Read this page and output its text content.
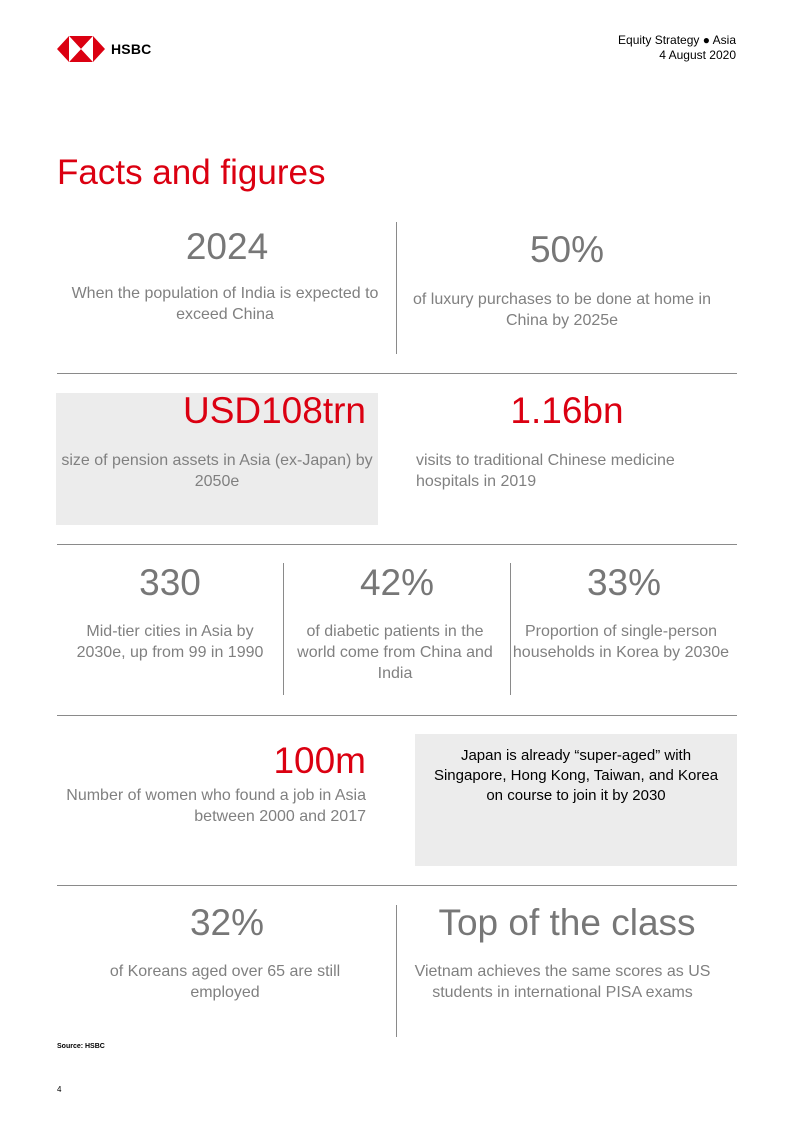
HSBC
Equity Strategy ● Asia
4 August 2020
Facts and figures
2024
When the population of India is expected to exceed China
50%
of luxury purchases to be done at home in China by 2025e
USD108trn
size of pension assets in Asia (ex-Japan) by 2050e
1.16bn
visits to traditional Chinese medicine hospitals in 2019
330
Mid-tier cities in Asia by 2030e, up from 99 in 1990
42%
of diabetic patients in the world come from China and India
33%
Proportion of single-person households in Korea by 2030e
100m
Number of women who found a job in Asia between 2000 and 2017
Japan is already “super-aged” with Singapore, Hong Kong, Taiwan, and Korea on course to join it by 2030
32%
of Koreans aged over 65 are still employed
Top of the class
Vietnam achieves the same scores as US students in international PISA exams
Source: HSBC
4
